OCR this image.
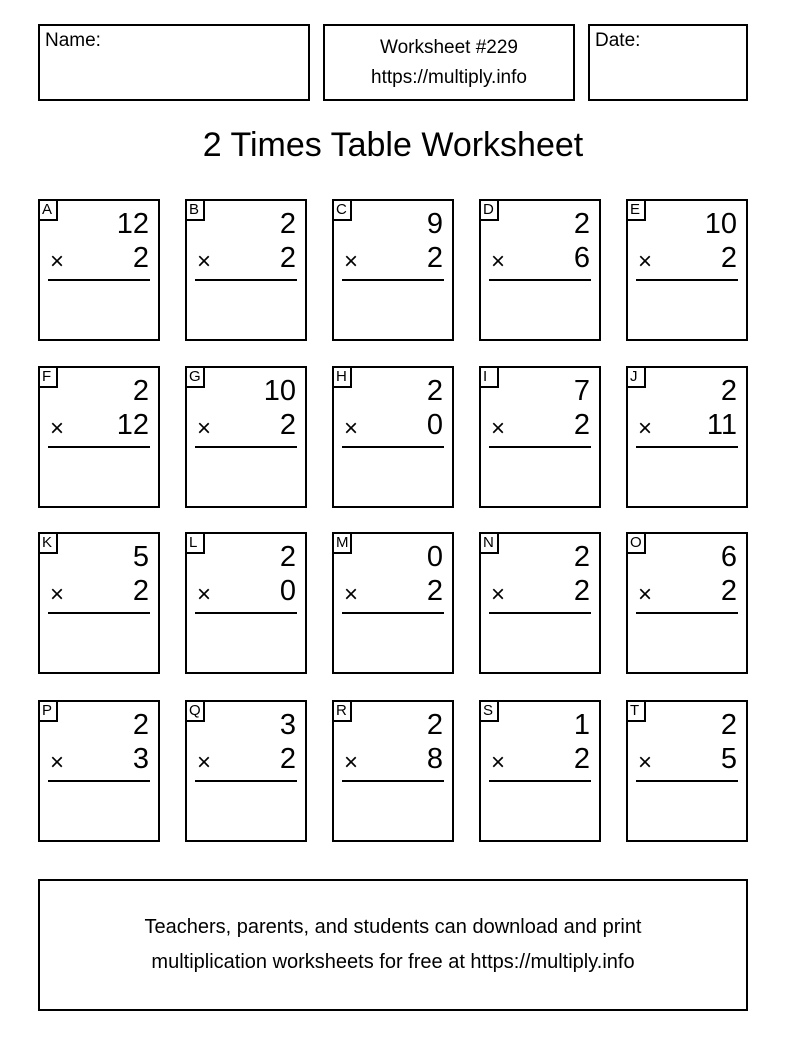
Name:	Worksheet #229
https://multiply.info
Date:
2 Times Table Worksheet
A 12
× 2
B	2
× 2
C	9
× 2
D	2
× 6
E 10
× 2
F	2
× 12
G 10
× 2
H	2
× 0
I	7
× 2
J	2
× 11
K	5
× 2
L	2
× 0
M	0
× 2
N	2
× 2
O	6
× 2
P	2
× 3
Q	3
× 2
R	2
× 8
S	1
× 2
T	2
× 5
Teachers, parents, and students can download and print
multiplication worksheets for free at https://multiply.info
